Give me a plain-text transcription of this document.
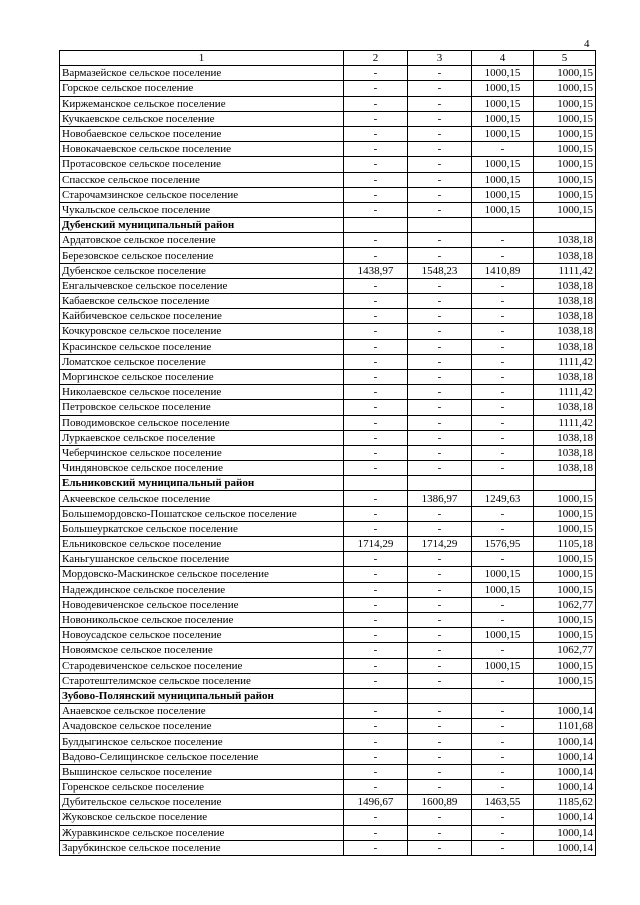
4
1	2	3	4	5
Вармазейское сельское поселение	-	-	1000,15	1000,15
Горское сельское поселение	-	-	1000,15	1000,15
Киржеманское сельское поселение	-	-	1000,15	1000,15
Кучкаевское сельское поселение	-	-	1000,15	1000,15
Новобаевское сельское поселение	-	-	1000,15	1000,15
Новокачаевское сельское поселение	-	-	-	1000,15
Протасовское сельское поселение	-	-	1000,15	1000,15
Спасское сельское поселение	-	-	1000,15	1000,15
Старочамзинское сельское поселение	-	-	1000,15	1000,15
Чукальское сельское поселение	-	-	1000,15	1000,15
Дубенский муниципальный район				
Ардатовское сельское поселение	-	-	-	1038,18
Березовское сельское поселение	-	-	-	1038,18
Дубенское сельское поселение	1438,97	1548,23	1410,89	1111,42
Енгалычевское сельское поселение	-	-	-	1038,18
Кабаевское сельское поселение	-	-	-	1038,18
Кайбичевское сельское поселение	-	-	-	1038,18
Кочкуровское сельское поселение	-	-	-	1038,18
Красинское сельское поселение	-	-	-	1038,18
Ломатское сельское поселение	-	-	-	1111,42
Моргинское сельское поселение	-	-	-	1038,18
Николаевское сельское поселение	-	-	-	1111,42
Петровское сельское поселение	-	-	-	1038,18
Поводимовское сельское поселение	-	-	-	1111,42
Луркаевское сельское поселение	-	-	-	1038,18
Чеберчинское сельское поселение	-	-	-	1038,18
Чиндяновское сельское поселение	-	-	-	1038,18
Ельниковский муниципальный район				
Акчеевское сельское поселение	-	1386,97	1249,63	1000,15
Большемордовско-Пошатское сельское поселение	-	-	-	1000,15
Большеуркатское сельское поселение	-	-	-	1000,15
Ельниковское сельское поселение	1714,29	1714,29	1576,95	1105,18
Каньгушанское сельское поселение	-	-	-	1000,15
Мордовско-Маскинское сельское поселение	-	-	1000,15	1000,15
Надеждинское сельское поселение	-	-	1000,15	1000,15
Новодевиченское сельское поселение	-	-	-	1062,77
Новоникольское сельское поселение	-	-	-	1000,15
Новоусадское сельское поселение	-	-	1000,15	1000,15
Новоямское сельское поселение	-	-	-	1062,77
Стародевиченское сельское поселение	-	-	1000,15	1000,15
Старотештелимское сельское поселение	-	-	-	1000,15
Зубово-Полянский муниципальный район				
Анаевское сельское поселение	-	-	-	1000,14
Ачадовское сельское поселение	-	-	-	1101,68
Булдыгинское сельское поселение	-	-	-	1000,14
Вадово-Селищинское сельское поселение	-	-	-	1000,14
Вышинское сельское поселение	-	-	-	1000,14
Горенское сельское поселение	-	-	-	1000,14
Дубительское сельское поселение	1496,67	1600,89	1463,55	1185,62
Жуковское сельское поселение	-	-	-	1000,14
Журавкинское сельское поселение	-	-	-	1000,14
Зарубкинское сельское поселение	-	-	-	1000,14
